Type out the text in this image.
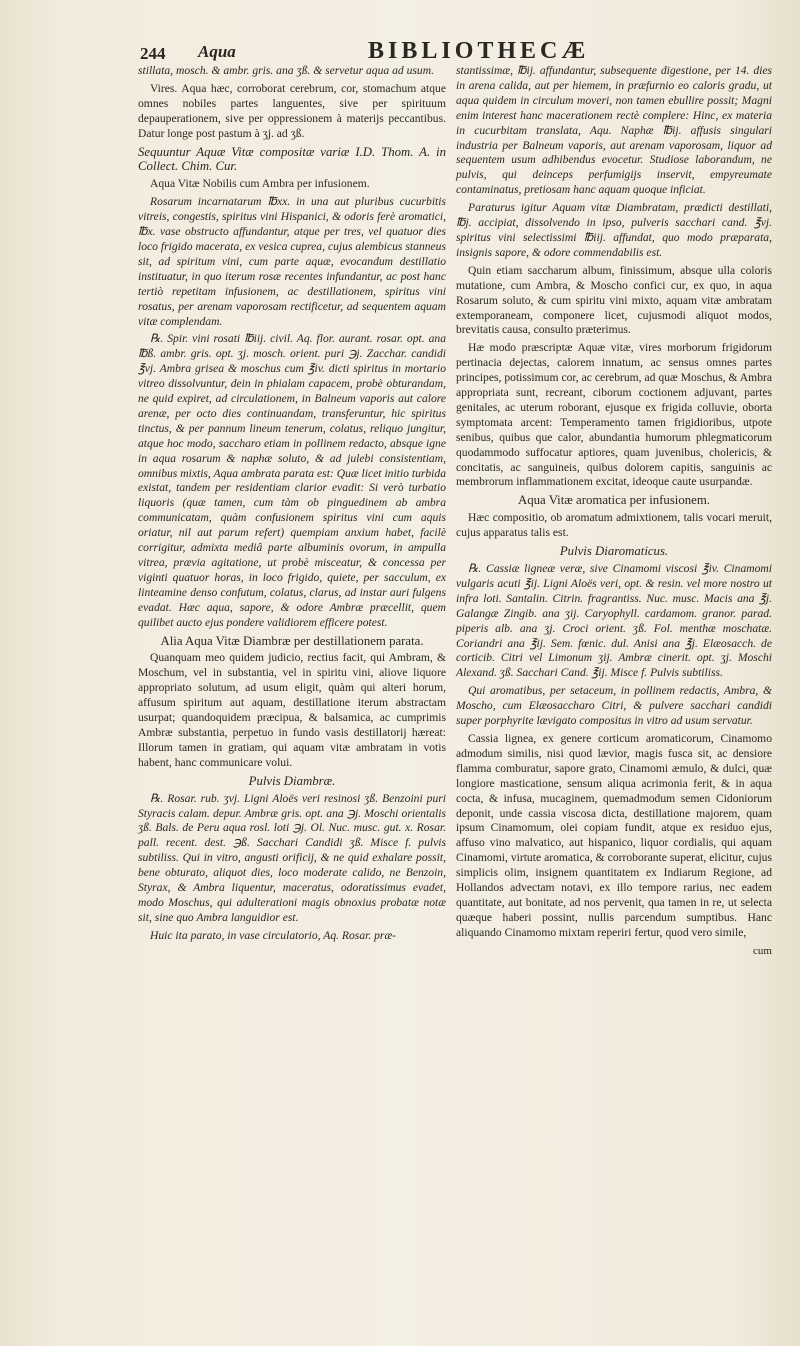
244 Aqua	BIBLIOTHECÆ

stillata, mosch. & ambr. gris. ana ʒß. & servetur aqua ad usum.

Vires. Aqua hæc, corroborat cerebrum, cor, stomachum atque omnes nobiles partes languentes, sive per spirituum depauperationem, sive per oppressionem à materijs peccantibus. Datur longe post pastum à ʒj. ad ʒß.

Sequuntur Aquæ Vitæ compositæ variæ I.D. Thom. A. in Collect. Chim. Cur.

Aqua Vitæ Nobilis cum Ambra per infusionem.

Rosarum incarnatarum ℔xx. in una aut pluribus cucurbitis vitreis, congestis, spiritus vini Hispanici, & odoris ferè aromatici, ℔x. vase obstructo affundantur, atque per tres, vel quatuor dies loco frigido macerata, ex vesica cuprea, cujus alembicus stanneus sit, ad spiritum vini, cum parte aquæ, evocandum destillatio instituatur, in quo iterum rosæ recentes infundantur, ac post hanc tertiò repetitam infusionem, ac destillationem, spiritus vini rosatus, per arenam vaporosam rectificetur, ad sequentem aquam vitæ complendam.

℞. Spir. vini rosati ℔iij. civil. Aq. flor. aurant. rosar. opt. ana ℔ß. ambr. gris. opt. ʒj. mosch. orient. puri ℈j. Zacchar. candidi ℥vj. Ambra grisea & moschus cum ℥iv. dicti spiritus in mortario vitreo dissolvuntur, dein in phialam capacem, probè obturandam, ne quid expiret, ad circulationem, in Balneum vaporis aut calore arenæ, per octo dies continuandam, transferuntur, hic spiritus tinctus, & per pannum lineum tenerum, colatus, reliquo jungitur, atque hoc modo, saccharo etiam in pollinem redacto, absque igne in aqua rosarum & naphæ soluto, & ad julebi consistentiam, omnibus mixtis, Aqua ambrata parata est: Quæ licet initio turbida existat, tandem per residentiam clarior evadit: Si verò turbatio liquoris (quæ tamen, cum tàm ob pinguedinem ab ambra communicatam, quàm confusionem spiritus vini cum aquis oriatur, nil aut parum refert) quempiam anxium habet, facilè corrigitur, admixta mediâ parte albuminis ovorum, in ampulla vitrea, prævia agitatione, ut probè misceatur, & concessa per viginti quatuor horas, in loco frigido, quiete, per sacculum, ex linteamine denso confutum, colatus, clarus, ad instar auri fulgens evadat. Hæc aqua, sapore, & odore Ambræ præcellit, quem quilibet aucto ejus pondere validiorem efficere potest.

Alia Aqua Vitæ Diambræ per destillationem parata.

Quanquam meo quidem judicio, rectius facit, qui Ambram, & Moschum, vel in substantia, vel in spiritu vini, aliove liquore appropriato solutum, ad usum eligit, quàm qui alteri horum, affusum spiritum aut aquam, destillatione iterum abstractam usurpat; quandoquidem præcipua, & balsamica, ac cumprimis Ambræ substantia, perpetuo in fundo vasis destillatorij hæreat: Illorum tamen in gratiam, qui aquam vitæ ambratam in votis habent, hanc communicare volui.

Pulvis Diambræ.

℞. Rosar. rub. ʒvj. Ligni Aloës veri resinosi ʒß. Benzoini puri Styracis calam. depur. Ambræ gris. opt. ana ℈j. Moschi orientalis ʒß. Bals. de Peru aqua rosl. loti ℈j. Ol. Nuc. musc. gut. x. Rosar. pall. recent. dest. ℈ß. Sacchari Candidi ʒß. Misce f. pulvis subtiliss. Qui in vitro, angusti orificij, & ne quid exhalare possit, bene obturato, aliquot dies, loco moderate calido, ne Benzoin, Styrax, & Ambra liquentur, maceratus, odoratissimus evadet, modo Moschus, qui adulterationi magis obnoxius probatæ notæ sit, sine quo Ambra languidior est.

Huic ita parato, in vase circulatorio, Aq. Rosar. præ-

stantissimæ, ℔ij. affundantur, subsequente digestione, per 14. dies in arena calida, aut per hiemem, in præfurnio eo caloris gradu, ut aqua quidem in circulum moveri, non tamen ebullire possit; Magni enim interest hanc macerationem rectè complere: Hinc, ex materia in cucurbitam translata, Aqu. Naphæ ℔ij. affusis singulari industria per Balneum vaporis, aut arenam vaporosam, liquor ad sequentem usum adhibendus evocetur. Studiose laborandum, ne pulvis, qui deinceps perfumigijs inservit, empyreumate contaminatus, pretiosam hanc aquam quoque inficiat.

Paraturus igitur Aquam vitæ Diambratam, prædicti destillati, ℔j. accipiat, dissolvendo in ipso, pulveris sacchari cand. ℥vj. spiritus vini selectissimi ℔iij. affundat, quo modo præparata, insignis sapore, & odore commendabilis est.

Quin etiam saccharum album, finissimum, absque ulla coloris mutatione, cum Ambra, & Moscho confici cur, ex quo, in aqua Rosarum soluto, & cum spiritu vini mixto, aquam vitæ ambratam extemporaneam, componere licet, cujusmodi aliquot modos, brevitatis causa, consulto præterimus.

Hæ modo præscriptæ Aquæ vitæ, vires morborum frigidorum pertinacia dejectas, calorem innatum, ac sensus omnes partes principes, potissimum cor, ac cerebrum, ad quæ Moschus, & Ambra appropriata sunt, recreant, ciborum coctionem adjuvant, partes genitales, ac uterum roborant, ejusque ex frigida colluvie, oborta symptomata arcent: Temperamento tamen frigidioribus, utpote senibus, quibus que calor, abundantia humorum phlegmaticorum quodammodo suffocatur aptiores, quam juvenibus, cholericis, & concitatis, ac sanguineis, quibus dolorem capitis, sanguinis ac membrorum inflammationem excitat, ideoque caute usurpandæ.

Aqua Vitæ aromatica per infusionem.

Hæc compositio, ob aromatum admixtionem, talis vocari meruit, cujus apparatus talis est.

Pulvis Diaromaticus.

℞. Cassiæ ligneæ veræ, sive Cinamomi viscosi ℥iv. Cinamomi vulgaris acuti ℥ij. Ligni Aloës veri, opt. & resin. vel more nostro ut infra loti. Santalin. Citrin. fragrantiss. Nuc. musc. Macis ana ℥j. Galangæ Zingib. ana ʒij. Caryophyll. cardamom. granor. parad. piperis alb. ana ʒj. Croci orient. ʒß. Fol. menthæ moschatæ. Coriandri ana ℥ij. Sem. fœnic. dul. Anisi ana ℥j. Elæosacch. de corticib. Citri vel Limonum ʒij. Ambræ cinerit. opt. ʒj. Moschi Alexand. ʒß. Sacchari Cand. ℥ij. Misce f. Pulvis subtiliss.

Qui aromatibus, per setaceum, in pollinem redactis, Ambra, & Moscho, cum Elæosaccharo Citri, & pulvere sacchari candidi super porphyrite lævigato compositus in vitro ad usum servatur.

Cassia lignea, ex genere corticum aromaticorum, Cinamomo admodum similis, nisi quod lævior, magis fusca sit, ac densiore flamma comburatur, sapore grato, Cinamomi æmulo, & dulci, quæ longiore masticatione, sensum aliqua acrimonia ferit, & in aqua cocta, & infusa, mucaginem, quemadmodum semen Cidoniorum deponit, unde cassia viscosa dicta, destillatione majorem, quam ipsum Cinamomum, olei copiam fundit, atque ex residuo ejus, affuso vino malvatico, aut hispanico, liquor cordialis, qui aquam Cinamomi, virtute aromatica, & corroborante superat, elicitur, cujus simplicis olim, insignem quantitatem ex Indiarum Regione, ad Hollandos advectam notavi, ex illo tempore rarius, nec eadem quantitate, aut bonitate, ad nos pervenit, qua tamen in re, ut selecta quæque haberi possint, nullis parcendum sumptibus. Hanc aliquando Cinamomo mixtam reperiri fertur, quod vero simile,

cum
